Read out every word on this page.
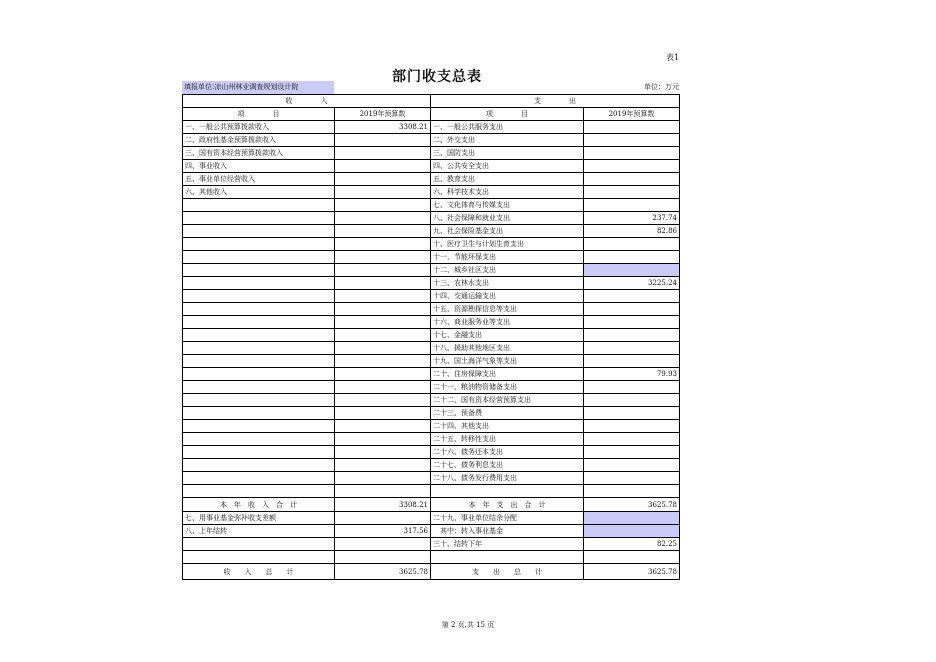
表1
部门收支总表
填报单位:凉山州林业调查规划设计院	单位：万元
收　　　　入		支　　　　出	
项　　　　目	2019年预算数	项　　　　目	2019年预算数
一、一般公共预算拨款收入	3308.21	一、一般公共服务支出	
二、政府性基金预算拨款收入		二、外交支出	
三、国有资本经营预算拨款收入		三、国防支出	
四、事业收入		四、公共安全支出	
五、事业单位经营收入		五、教育支出	
六、其他收入		六、科学技术支出	
		七、文化体育与传媒支出	
		八、社会保障和就业支出	237.74
		九、社会保险基金支出	82.86
		十、医疗卫生与计划生育支出	
		十一、节能环保支出	
		十二、城乡社区支出	
		十三、农林水支出	3225.24
		十四、交通运输支出	
		十五、资源勘探信息等支出	
		十六、商业服务业等支出	
		十七、金融支出	
		十八、援助其他地区支出	
		十九、国土海洋气象等支出	
		二十、住房保障支出	79.93
		二十一、粮油物资储备支出	
		二十二、国有资本经营预算支出	
		二十三、预备费	
		二十四、其他支出	
		二十五、转移性支出	
		二十六、债务还本支出	
		二十七、债务利息支出	
		二十八、债务发行费用支出	

本　年　收　入　合　计	3308.21	本　年　支　出　合　计	3625.78
七、用事业基金弥补收支差额		二十九、事业单位结余分配	
八、上年结转	317.56	　其中：转入事业基金	
		三十、结转下年	82.25

收　　入　　总　　计	3625.78	支　　出　　总　　计	3625.78
第 2 页,共 15 页
